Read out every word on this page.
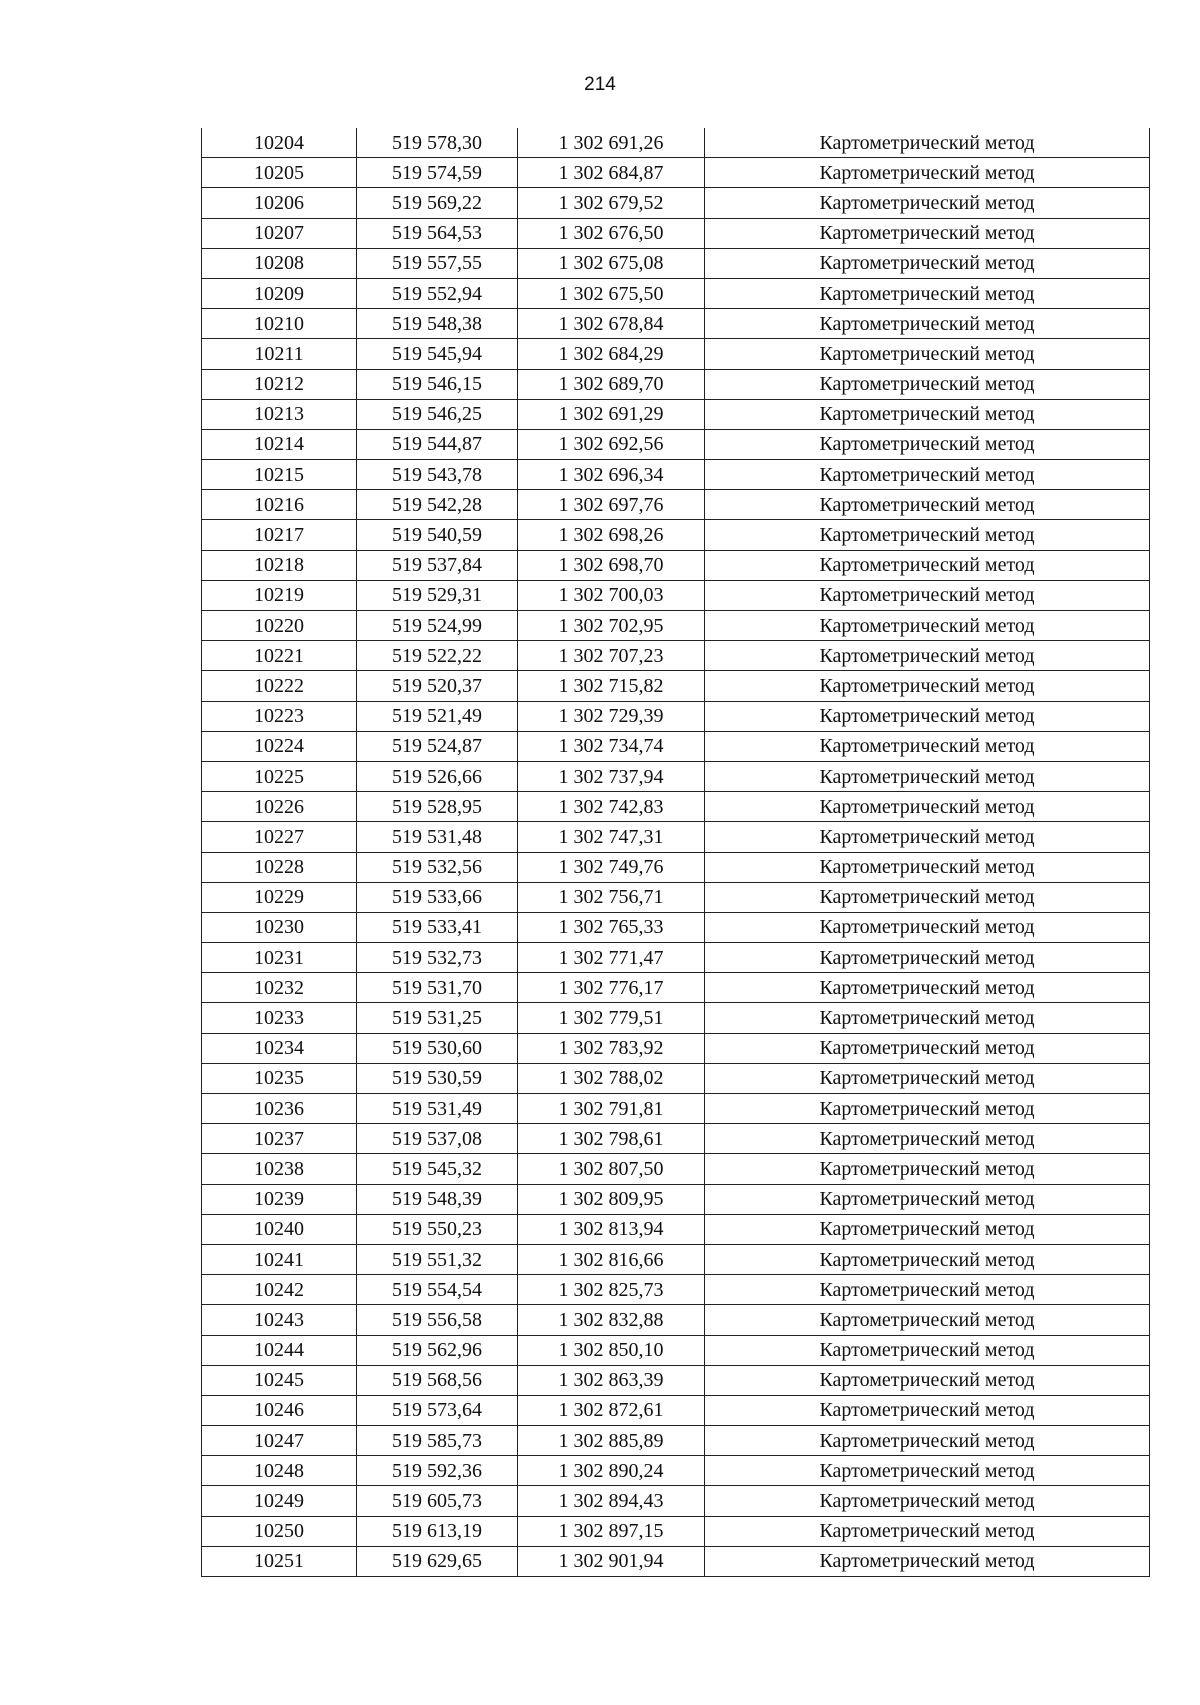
214
10204	519 578,30	1 302 691,26	Картометрический метод
10205	519 574,59	1 302 684,87	Картометрический метод
10206	519 569,22	1 302 679,52	Картометрический метод
10207	519 564,53	1 302 676,50	Картометрический метод
10208	519 557,55	1 302 675,08	Картометрический метод
10209	519 552,94	1 302 675,50	Картометрический метод
10210	519 548,38	1 302 678,84	Картометрический метод
10211	519 545,94	1 302 684,29	Картометрический метод
10212	519 546,15	1 302 689,70	Картометрический метод
10213	519 546,25	1 302 691,29	Картометрический метод
10214	519 544,87	1 302 692,56	Картометрический метод
10215	519 543,78	1 302 696,34	Картометрический метод
10216	519 542,28	1 302 697,76	Картометрический метод
10217	519 540,59	1 302 698,26	Картометрический метод
10218	519 537,84	1 302 698,70	Картометрический метод
10219	519 529,31	1 302 700,03	Картометрический метод
10220	519 524,99	1 302 702,95	Картометрический метод
10221	519 522,22	1 302 707,23	Картометрический метод
10222	519 520,37	1 302 715,82	Картометрический метод
10223	519 521,49	1 302 729,39	Картометрический метод
10224	519 524,87	1 302 734,74	Картометрический метод
10225	519 526,66	1 302 737,94	Картометрический метод
10226	519 528,95	1 302 742,83	Картометрический метод
10227	519 531,48	1 302 747,31	Картометрический метод
10228	519 532,56	1 302 749,76	Картометрический метод
10229	519 533,66	1 302 756,71	Картометрический метод
10230	519 533,41	1 302 765,33	Картометрический метод
10231	519 532,73	1 302 771,47	Картометрический метод
10232	519 531,70	1 302 776,17	Картометрический метод
10233	519 531,25	1 302 779,51	Картометрический метод
10234	519 530,60	1 302 783,92	Картометрический метод
10235	519 530,59	1 302 788,02	Картометрический метод
10236	519 531,49	1 302 791,81	Картометрический метод
10237	519 537,08	1 302 798,61	Картометрический метод
10238	519 545,32	1 302 807,50	Картометрический метод
10239	519 548,39	1 302 809,95	Картометрический метод
10240	519 550,23	1 302 813,94	Картометрический метод
10241	519 551,32	1 302 816,66	Картометрический метод
10242	519 554,54	1 302 825,73	Картометрический метод
10243	519 556,58	1 302 832,88	Картометрический метод
10244	519 562,96	1 302 850,10	Картометрический метод
10245	519 568,56	1 302 863,39	Картометрический метод
10246	519 573,64	1 302 872,61	Картометрический метод
10247	519 585,73	1 302 885,89	Картометрический метод
10248	519 592,36	1 302 890,24	Картометрический метод
10249	519 605,73	1 302 894,43	Картометрический метод
10250	519 613,19	1 302 897,15	Картометрический метод
10251	519 629,65	1 302 901,94	Картометрический метод
